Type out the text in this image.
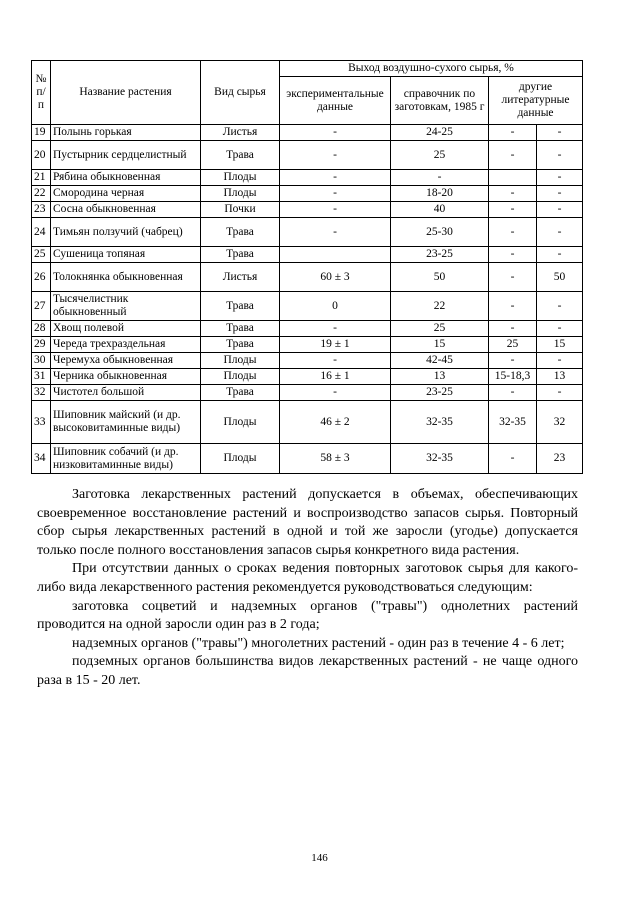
№ п/п	Название растения	Вид сырья	Выход воздушно-сухого сырья, %			
			экспериментальные данные	справочник по заготовкам, 1985 г	другие литературные данные	
19	Полынь горькая	Листья	-	24-25	-	-
20	Пустырник сердцелистный	Трава	-	25	-	-
21	Рябина обыкновенная	Плоды	-	-		-
22	Смородина черная	Плоды	-	18-20	-	-
23	Сосна обыкновенная	Почки	-	40	-	-
24	Тимьян ползучий (чабрец)	Трава	-	25-30	-	-
25	Сушеница топяная	Трава		23-25	-	-
26	Толокнянка обыкновенная	Листья	60 ± 3	50	-	50
27	Тысячелистник обыкновенный	Трава	0	22	-	-
28	Хвощ полевой	Трава	-	25	-	-
29	Череда трехраздельная	Трава	19 ± 1	15	25	15
30	Черемуха обыкновенная	Плоды	-	42-45	-	-
31	Черника обыкновенная	Плоды	16 ± 1	13	15-18,3	13
32	Чистотел большой	Трава	-	23-25	-	-
33	Шиповник майский (и др. высоковитаминные виды)	Плоды	46 ± 2	32-35	32-35	32
34	Шиповник собачий (и др. низковитаминные виды)	Плоды	58 ± 3	32-35	-	23

Заготовка лекарственных растений допускается в объемах, обеспечивающих своевременное восстановление растений и воспроизводство запасов сырья. Повторный сбор сырья лекарственных растений в одной и той же заросли (угодье) допускается только после полного восстановления запасов сырья конкретного вида растения.

При отсутствии данных о сроках ведения повторных заготовок сырья для какого-либо вида лекарственного растения рекомендуется руководствоваться следующим:

заготовка соцветий и надземных органов ("травы") однолетних растений проводится на одной заросли один раз в 2 года;

надземных органов ("травы") многолетних растений - один раз в течение 4 - 6 лет;

подземных органов большинства видов лекарственных растений - не чаще одного раза в 15 - 20 лет.

146
